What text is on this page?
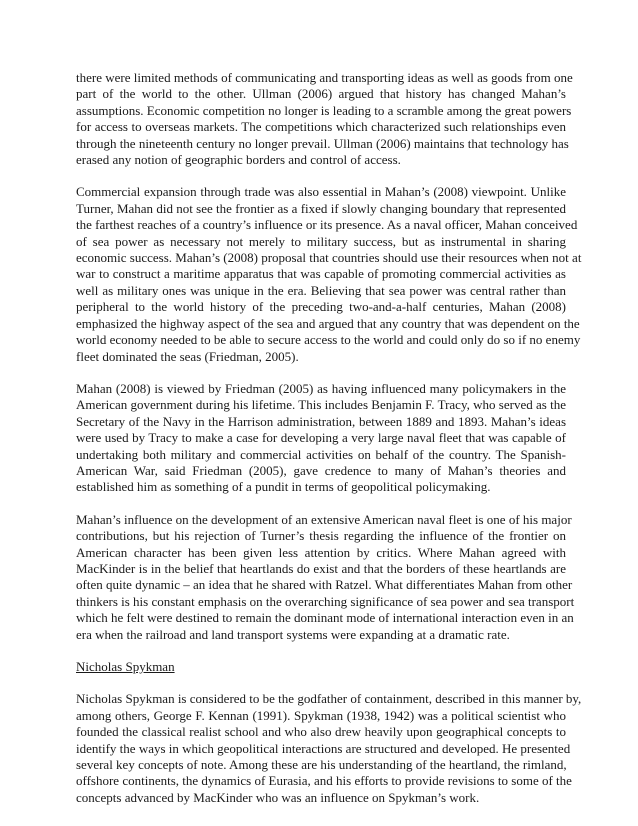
there were limited methods of communicating and transporting ideas as well as goods from one
part of the world to the other. Ullman (2006) argued that history has changed Mahan’s
assumptions. Economic competition no longer is leading to a scramble among the great powers
for access to overseas markets. The competitions which characterized such relationships even
through the nineteenth century no longer prevail. Ullman (2006) maintains that technology has
erased any notion of geographic borders and control of access.

Commercial expansion through trade was also essential in Mahan’s (2008) viewpoint. Unlike
Turner, Mahan did not see the frontier as a fixed if slowly changing boundary that represented
the farthest reaches of a country’s influence or its presence. As a naval officer, Mahan conceived
of sea power as necessary not merely to military success, but as instrumental in sharing
economic success. Mahan’s (2008) proposal that countries should use their resources when not at
war to construct a maritime apparatus that was capable of promoting commercial activities as
well as military ones was unique in the era. Believing that sea power was central rather than
peripheral to the world history of the preceding two-and-a-half centuries, Mahan (2008)
emphasized the highway aspect of the sea and argued that any country that was dependent on the
world economy needed to be able to secure access to the world and could only do so if no enemy
fleet dominated the seas (Friedman, 2005).

Mahan (2008) is viewed by Friedman (2005) as having influenced many policymakers in the
American government during his lifetime. This includes Benjamin F. Tracy, who served as the
Secretary of the Navy in the Harrison administration, between 1889 and 1893. Mahan’s ideas
were used by Tracy to make a case for developing a very large naval fleet that was capable of
undertaking both military and commercial activities on behalf of the country. The Spanish-
American War, said Friedman (2005), gave credence to many of Mahan’s theories and
established him as something of a pundit in terms of geopolitical policymaking.

Mahan’s influence on the development of an extensive American naval fleet is one of his major
contributions, but his rejection of Turner’s thesis regarding the influence of the frontier on
American character has been given less attention by critics. Where Mahan agreed with
MacKinder is in the belief that heartlands do exist and that the borders of these heartlands are
often quite dynamic – an idea that he shared with Ratzel. What differentiates Mahan from other
thinkers is his constant emphasis on the overarching significance of sea power and sea transport
which he felt were destined to remain the dominant mode of international interaction even in an
era when the railroad and land transport systems were expanding at a dramatic rate.

Nicholas Spykman

Nicholas Spykman is considered to be the godfather of containment, described in this manner by,
among others, George F. Kennan (1991). Spykman (1938, 1942) was a political scientist who
founded the classical realist school and who also drew heavily upon geographical concepts to
identify the ways in which geopolitical interactions are structured and developed. He presented
several key concepts of note. Among these are his understanding of the heartland, the rimland,
offshore continents, the dynamics of Eurasia, and his efforts to provide revisions to some of the
concepts advanced by MacKinder who was an influence on Spykman’s work.
